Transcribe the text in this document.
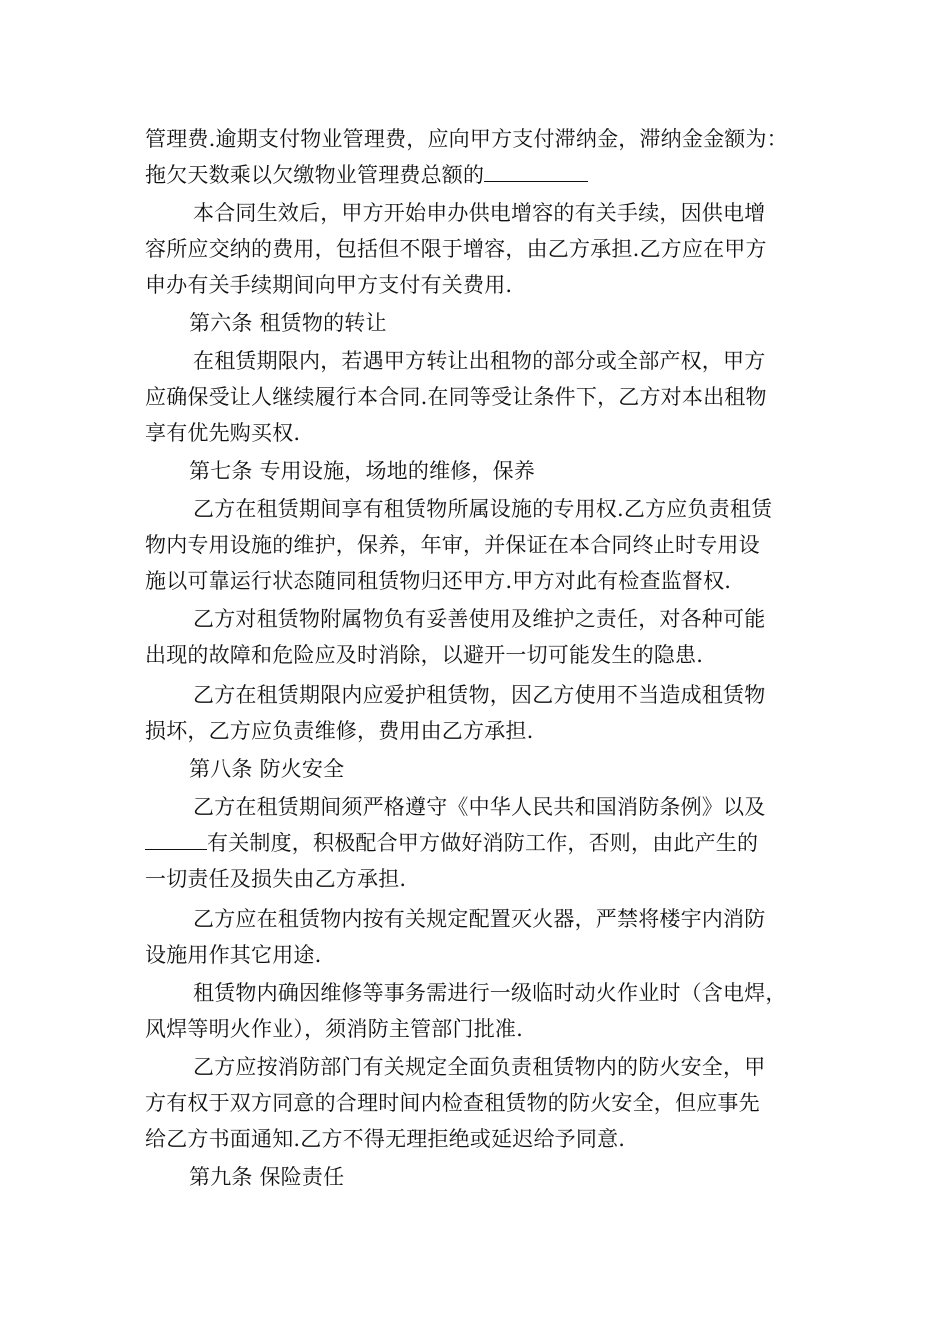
管理费.逾期支付物业管理费，应向甲方支付滞纳金，滞纳金金额为：
拖欠天数乘以欠缴物业管理费总额的
本合同生效后，甲方开始申办供电增容的有关手续，因供电增
容所应交纳的费用，包括但不限于增容，由乙方承担.乙方应在甲方
申办有关手续期间向甲方支付有关费用.
第六条 租赁物的转让
在租赁期限内，若遇甲方转让出租物的部分或全部产权，甲方
应确保受让人继续履行本合同.在同等受让条件下，乙方对本出租物
享有优先购买权.
第七条 专用设施，场地的维修，保养
乙方在租赁期间享有租赁物所属设施的专用权.乙方应负责租赁
物内专用设施的维护，保养，年审，并保证在本合同终止时专用设
施以可靠运行状态随同租赁物归还甲方.甲方对此有检查监督权.
乙方对租赁物附属物负有妥善使用及维护之责任，对各种可能
出现的故障和危险应及时消除，以避开一切可能发生的隐患.
乙方在租赁期限内应爱护租赁物，因乙方使用不当造成租赁物
损坏，乙方应负责维修，费用由乙方承担.
第八条 防火安全
乙方在租赁期间须严格遵守《中华人民共和国消防条例》以及
有关制度，积极配合甲方做好消防工作，否则，由此产生的
一切责任及损失由乙方承担.
乙方应在租赁物内按有关规定配置灭火器，严禁将楼宇内消防
设施用作其它用途.
租赁物内确因维修等事务需进行一级临时动火作业时（含电焊，
风焊等明火作业），须消防主管部门批准.
乙方应按消防部门有关规定全面负责租赁物内的防火安全，甲
方有权于双方同意的合理时间内检查租赁物的防火安全，但应事先
给乙方书面通知.乙方不得无理拒绝或延迟给予同意.
第九条 保险责任
